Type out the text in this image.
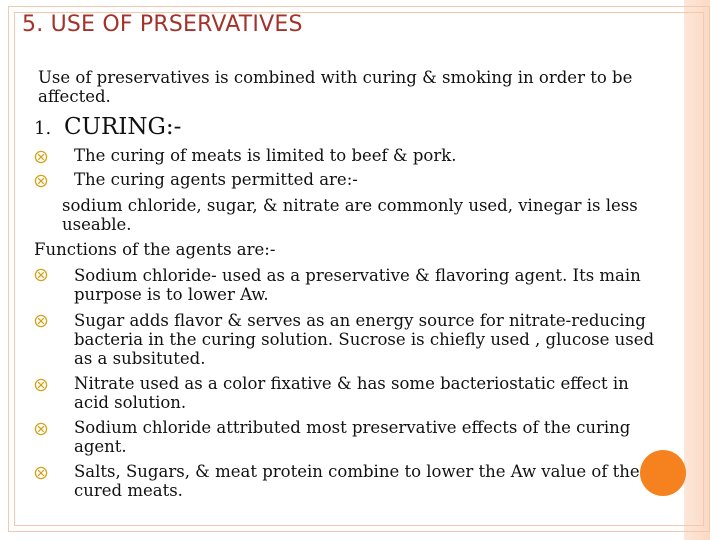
5. USE OF PRSERVATIVES
Use of preservatives is combined with curing & smoking in order to be affected.
1. CURING:-
The curing of meats is limited to beef & pork.
The curing agents permitted are:-
sodium chloride, sugar, & nitrate are commonly used, vinegar is less useable.
Functions of the agents are:-
Sodium chloride- used as a preservative & flavoring agent. Its main purpose is to lower Aw.
Sugar adds flavor & serves as an energy source for nitrate-reducing bacteria in the curing solution. Sucrose is chiefly used , glucose used as a subsituted.
Nitrate used as a color fixative & has some bacteriostatic effect in acid solution.
Sodium chloride attributed most preservative effects of the curing agent.
Salts, Sugars, & meat protein combine to lower the Aw value of the cured meats.
